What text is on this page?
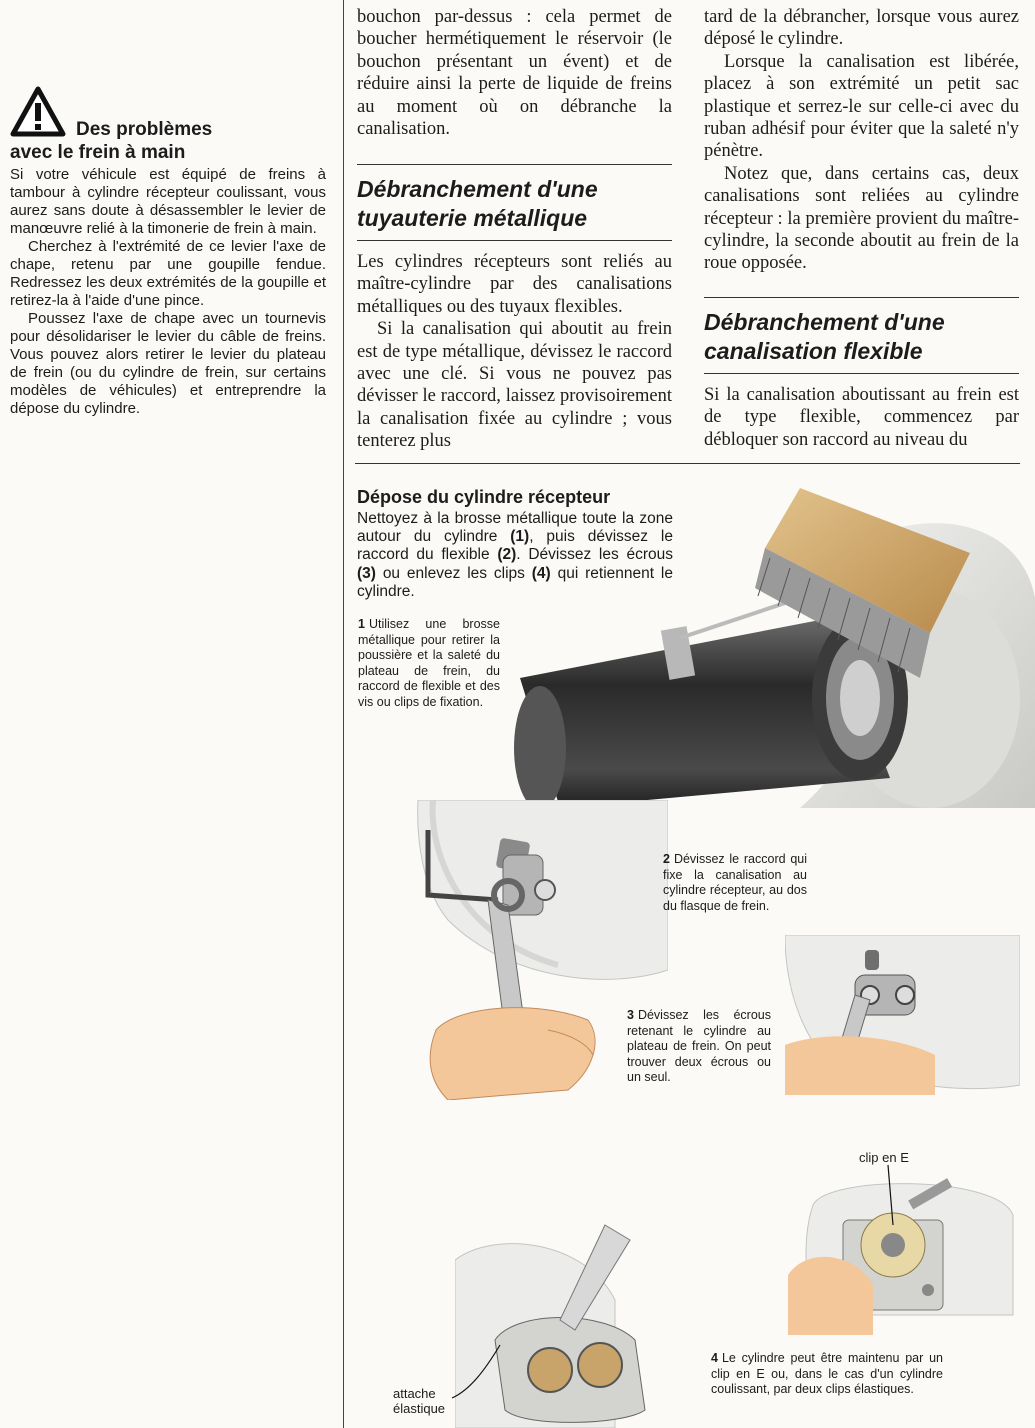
Des problèmes
avec le frein à main

Si votre véhicule est équipé de freins à tambour à cylindre récepteur coulissant, vous aurez sans doute à désassembler le levier de manœuvre relié à la timonerie de frein à main.

Cherchez à l'extrémité de ce levier l'axe de chape, retenu par une goupille fendue. Redressez les deux extrémités de la goupille et retirez-la à l'aide d'une pince.

Poussez l'axe de chape avec un tournevis pour désolidariser le levier du câble de freins. Vous pouvez alors retirer le levier du plateau de frein (ou du cylindre de frein, sur certains modèles de véhicules) et entreprendre la dépose du cylindre.

bouchon par-dessus : cela permet de boucher hermétiquement le réservoir (le bouchon présentant un évent) et de réduire ainsi la perte de liquide de freins au moment où on débranche la canalisation.

Débranchement d'une
tuyauterie métallique

Les cylindres récepteurs sont reliés au maître-cylindre par des canalisations métalliques ou des tuyaux flexibles.

Si la canalisation qui aboutit au frein est de type métallique, dévissez le raccord avec une clé. Si vous ne pouvez pas dévisser le raccord, laissez provisoirement la canalisation fixée au cylindre ; vous tenterez plus

tard de la débrancher, lorsque vous aurez déposé le cylindre.

Lorsque la canalisation est libérée, placez à son extrémité un petit sac plastique et serrez-le sur celle-ci avec du ruban adhésif pour éviter que la saleté n'y pénètre.

Notez que, dans certains cas, deux canalisations sont reliées au cylindre récepteur : la première provient du maître-cylindre, la seconde aboutit au frein de la roue opposée.

Débranchement d'une
canalisation flexible

Si la canalisation aboutissant au frein est de type flexible, commencez par débloquer son raccord au niveau du

Dépose du cylindre récepteur
Nettoyez à la brosse métallique toute la zone autour du cylindre (1), puis dévissez le raccord du flexible (2). Dévissez les écrous (3) ou enlevez les clips (4) qui retiennent le cylindre.
1 Utilisez une brosse métallique pour retirer la poussière et la saleté du plateau de frein, du raccord de flexible et des vis ou clips de fixation.
2 Dévissez le raccord qui fixe la canalisation au cylindre récepteur, au dos du flasque de frein.
3 Dévissez les écrous retenant le cylindre au plateau de frein. On peut trouver deux écrous ou un seul.
clip en E
4 Le cylindre peut être maintenu par un clip en E ou, dans le cas d'un cylindre coulissant, par deux clips élastiques.
attache
élastique
